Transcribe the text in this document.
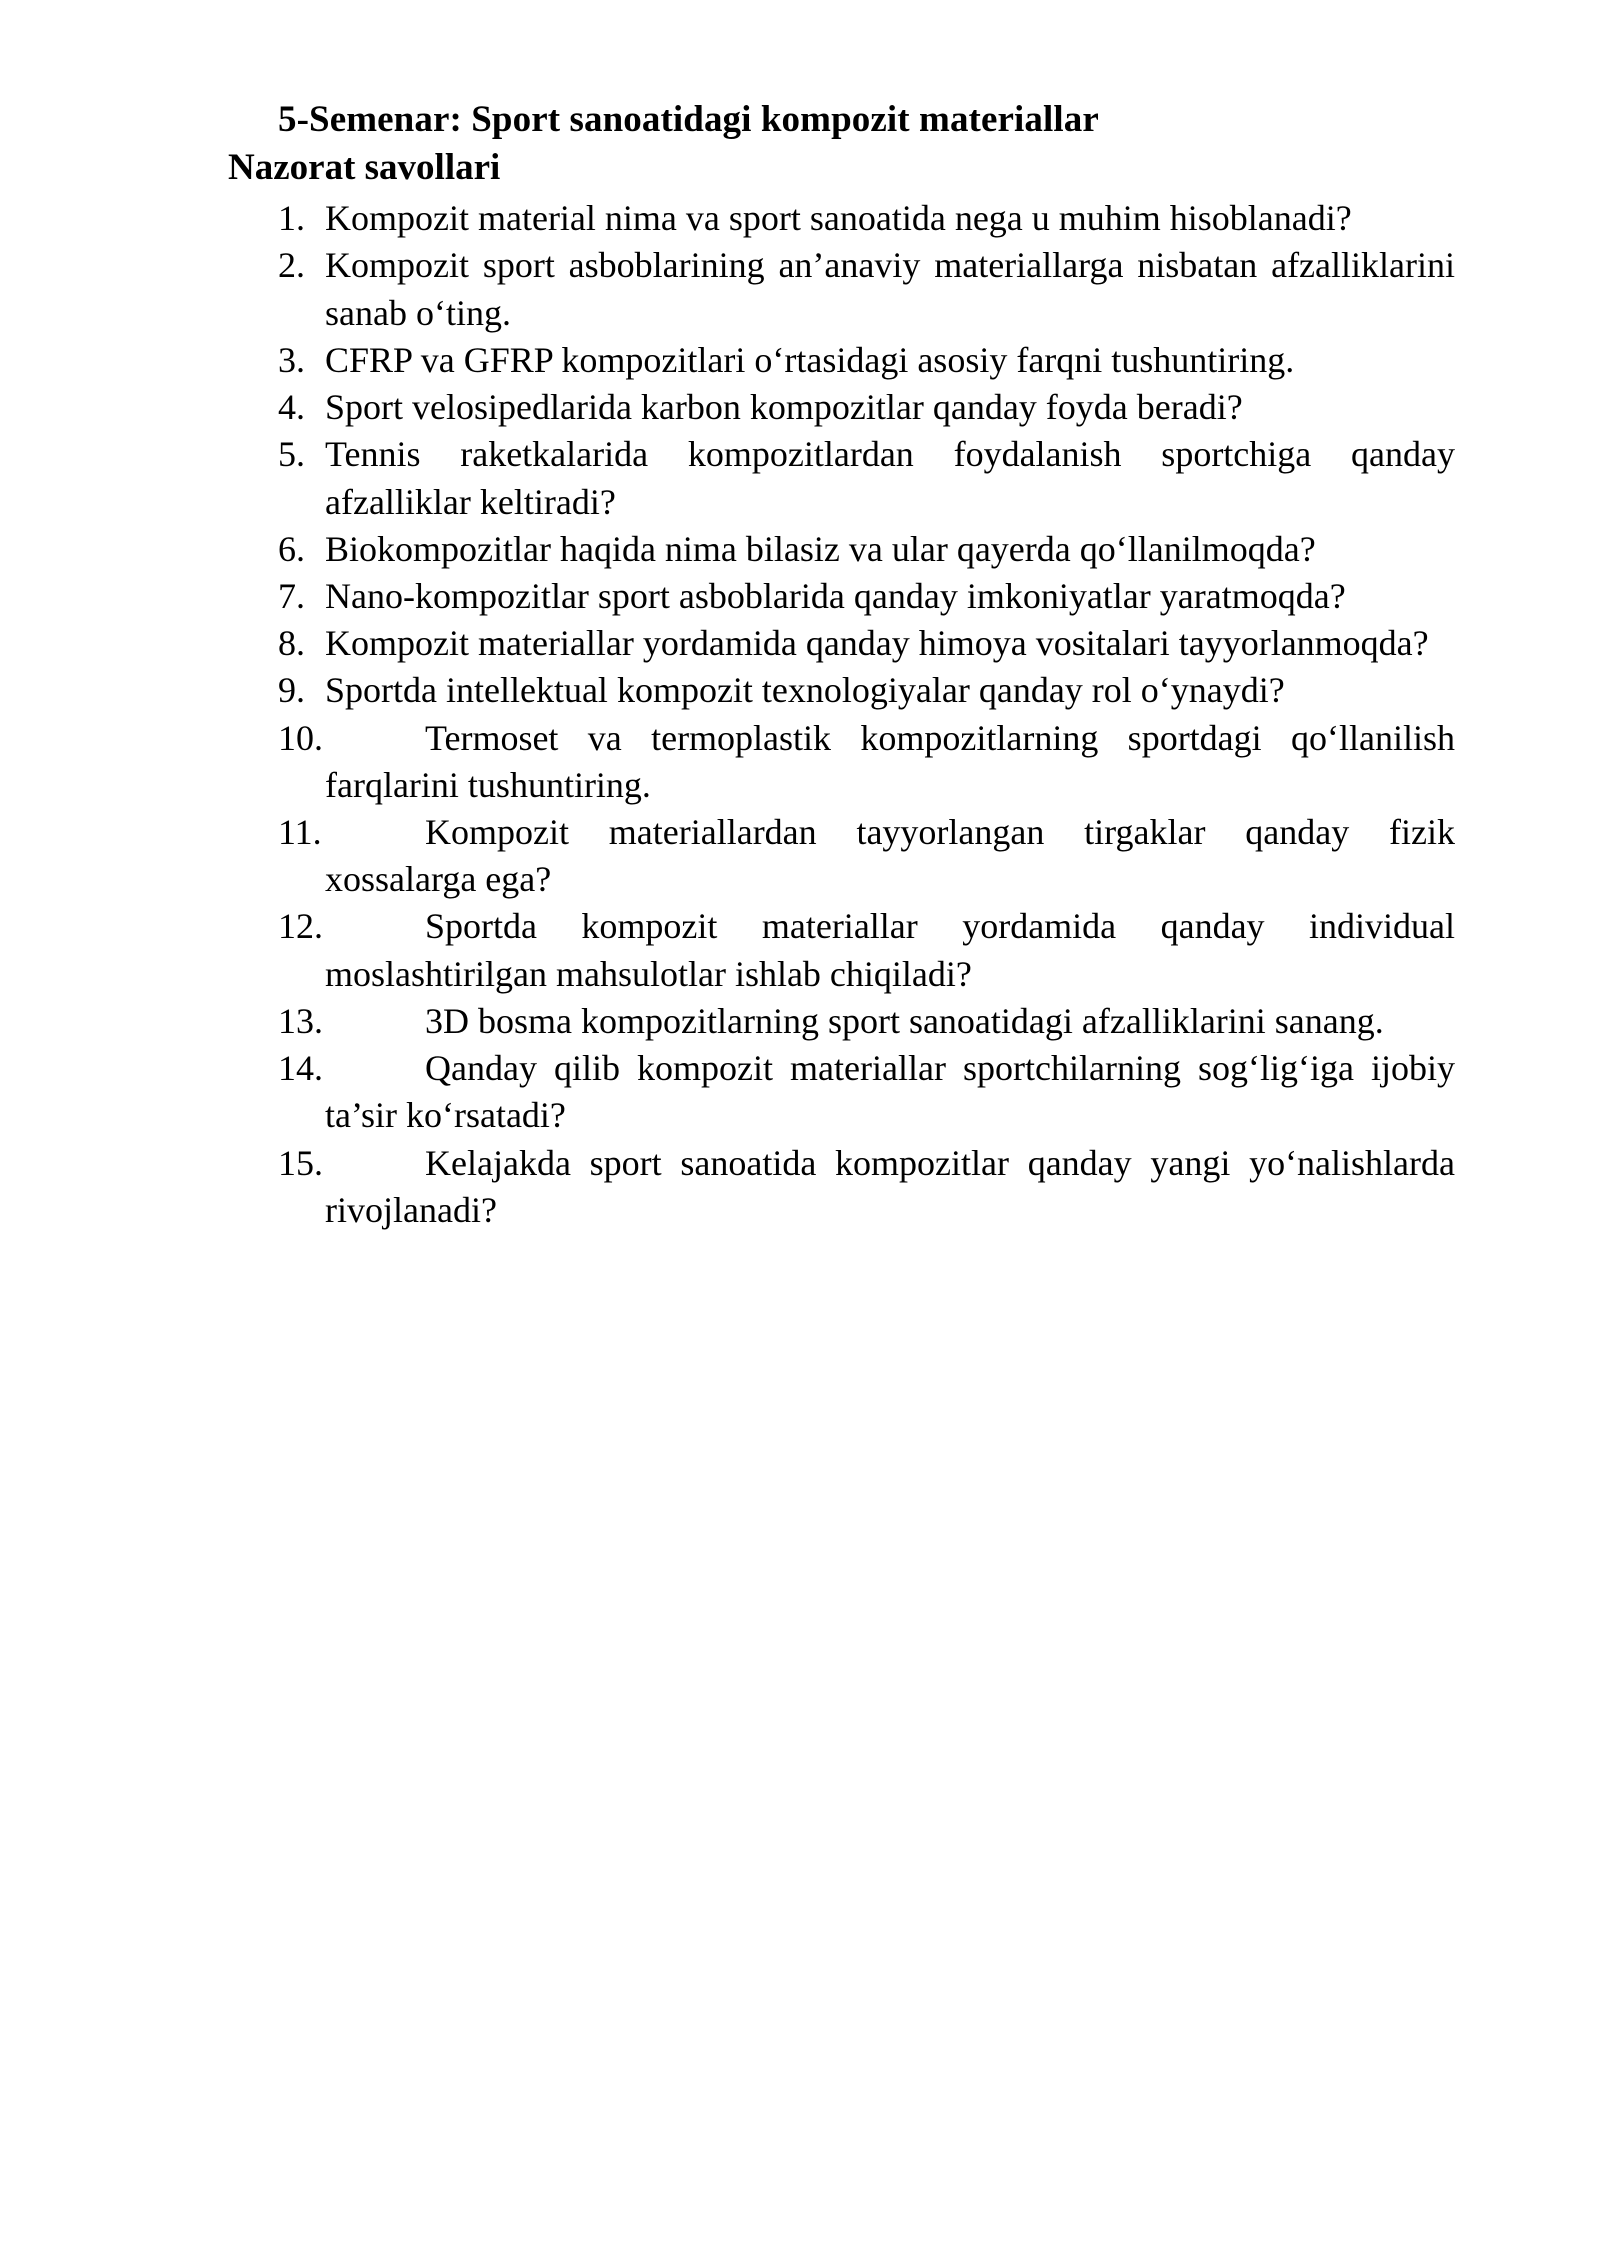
5-Semenar: Sport sanoatidagi kompozit materiallar
Nazorat savollari
1. Kompozit material nima va sport sanoatida nega u muhim hisoblanadi?
2. Kompozit sport asboblarining an’anaviy materiallarga nisbatan afzalliklarini sanab o‘ting.
3. CFRP va GFRP kompozitlari o‘rtasidagi asosiy farqni tushuntiring.
4. Sport velosipedlarida karbon kompozitlar qanday foyda beradi?
5. Tennis raketkalarida kompozitlardan foydalanish sportchiga qanday afzalliklar keltiradi?
6. Biokompozitlar haqida nima bilasiz va ular qayerda qo‘llanilmoqda?
7. Nano-kompozitlar sport asboblarida qanday imkoniyatlar yaratmoqda?
8. Kompozit materiallar yordamida qanday himoya vositalari tayyorlanmoqda?
9. Sportda intellektual kompozit texnologiyalar qanday rol o‘ynaydi?
10.	Termoset va termoplastik kompozitlarning sportdagi qo‘llanilish farqlarini tushuntiring.
11.	Kompozit materiallardan tayyorlangan tirgaklar qanday fizik xossalarga ega?
12.	Sportda kompozit materiallar yordamida qanday individual moslashtirilgan mahsulotlar ishlab chiqiladi?
13.	3D bosma kompozitlarning sport sanoatidagi afzalliklarini sanang.
14.	Qanday qilib kompozit materiallar sportchilarning sog‘lig‘iga ijobiy ta’sir ko‘rsatadi?
15.	Kelajakda sport sanoatida kompozitlar qanday yangi yo‘nalishlarda rivojlanadi?
